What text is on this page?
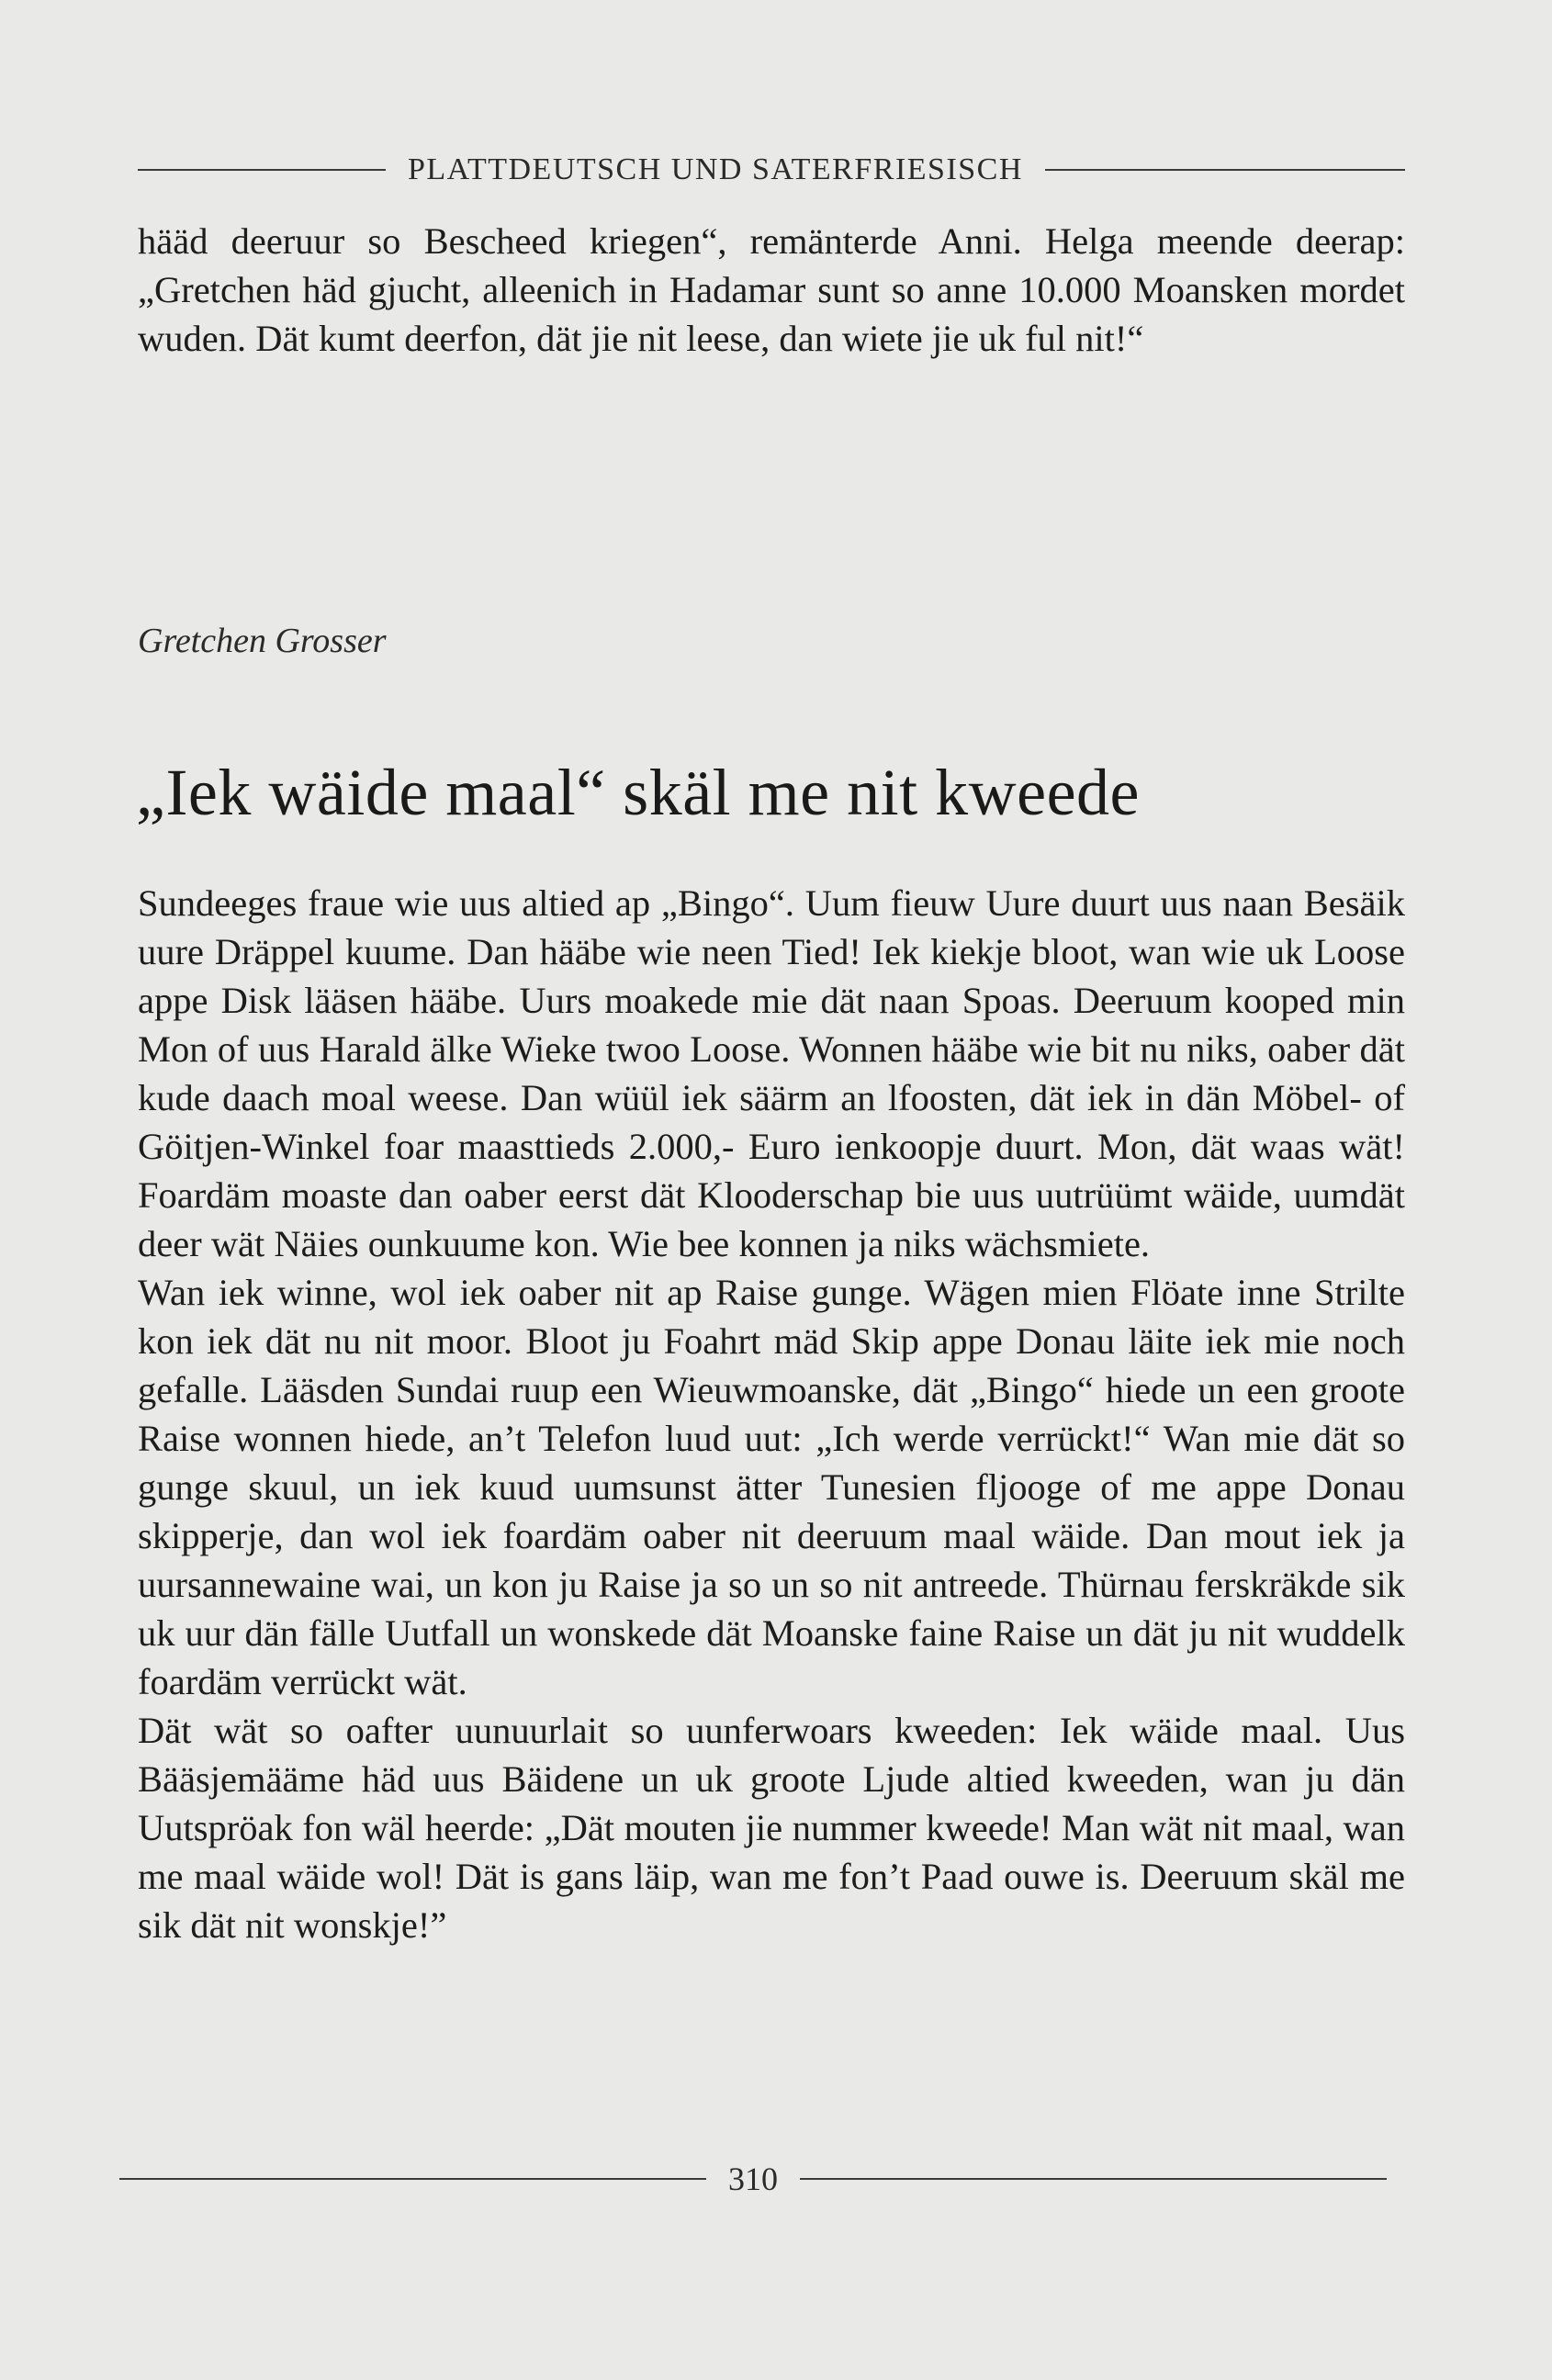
PLATTDEUTSCH UND SATERFRIESISCH

hääd deeruur so Bescheed kriegen“, remänterde Anni. Helga meende deerap: „Gretchen häd gjucht, alleenich in Hadamar sunt so anne 10.000 Moansken mordet wuden. Dät kumt deerfon, dät jie nit leese, dan wiete jie uk ful nit!“

Gretchen Grosser
„Iek wäide maal“ skäl me nit kweede

Sundeeges fraue wie uus altied ap „Bingo“. Uum fieuw Uure duurt uus naan Besäik uure Dräppel kuume. Dan hääbe wie neen Tied! Iek kiekje bloot, wan wie uk Loose appe Disk lääsen hääbe. Uurs moakede mie dät naan Spoas. Deeruum kooped min Mon of uus Harald älke Wieke twoo Loose. Wonnen hääbe wie bit nu niks, oaber dät kude daach moal weese. Dan wüül iek säärm an lfoosten, dät iek in dän Möbel- of Göitjen-Winkel foar maasttieds 2.000,- Euro ienkoopje duurt. Mon, dät waas wät! Foardäm moaste dan oaber eerst dät Klooderschap bie uus uutrüümt wäide, uumdät deer wät Näies ounkuume kon. Wie bee konnen ja niks wächsmiete.

Wan iek winne, wol iek oaber nit ap Raise gunge. Wägen mien Flöate inne Strilte kon iek dät nu nit moor. Bloot ju Foahrt mäd Skip appe Donau läite iek mie noch gefalle. Lääsden Sundai ruup een Wieuwmoanske, dät „Bingo“ hiede un een groote Raise wonnen hiede, an’t Telefon luud uut: „Ich werde verrückt!“ Wan mie dät so gunge skuul, un iek kuud uumsunst ätter Tunesien fljooge of me appe Donau skipperje, dan wol iek foardäm oaber nit deeruum maal wäide. Dan mout iek ja uursannewaine wai, un kon ju Raise ja so un so nit antreede. Thürnau ferskräkde sik uk uur dän fälle Uutfall un wonskede dät Moanske faine Raise un dät ju nit wuddelk foardäm verrückt wät.

Dät wät so oafter uunuurlait so uunferwoars kweeden: Iek wäide maal. Uus Bääsjemääme häd uus Bäidene un uk groote Ljude altied kweeden, wan ju dän Uutspröak fon wäl heerde: „Dät mouten jie nummer kweede! Man wät nit maal, wan me maal wäide wol! Dät is gans läip, wan me fon’t Paad ouwe is. Deeruum skäl me sik dät nit wonskje!”

310
